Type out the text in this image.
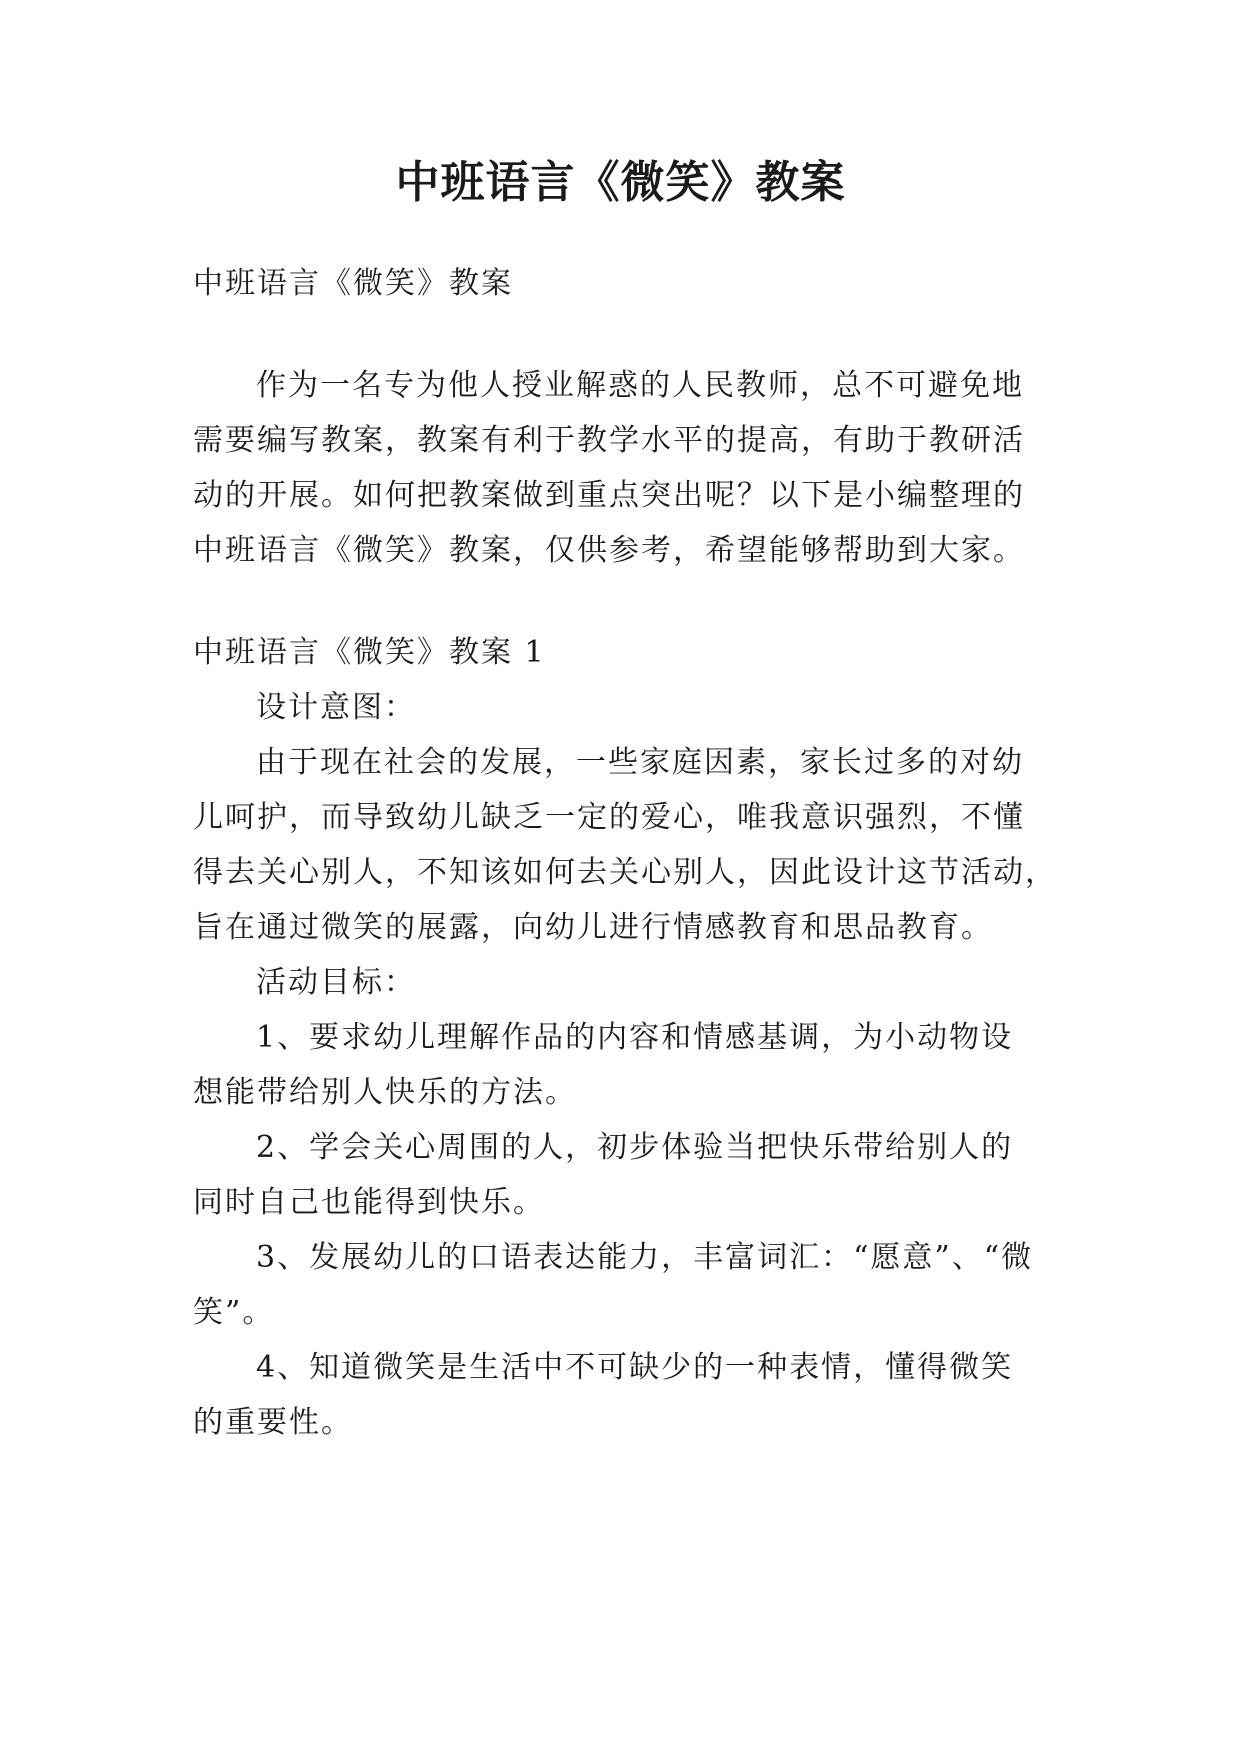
中班语言《微笑》教案
中班语言《微笑》教案
作为一名专为他人授业解惑的人民教师，总不可避免地
需要编写教案，教案有利于教学水平的提高，有助于教研活
动的开展。如何把教案做到重点突出呢？以下是小编整理的
中班语言《微笑》教案，仅供参考，希望能够帮助到大家。
中班语言《微笑》教案 1
设计意图：
由于现在社会的发展，一些家庭因素，家长过多的对幼
儿呵护，而导致幼儿缺乏一定的爱心，唯我意识强烈，不懂
得去关心别人，不知该如何去关心别人，因此设计这节活动，
旨在通过微笑的展露，向幼儿进行情感教育和思品教育。
活动目标：
1、要求幼儿理解作品的内容和情感基调，为小动物设
想能带给别人快乐的方法。
2、学会关心周围的人，初步体验当把快乐带给别人的
同时自己也能得到快乐。
3、发展幼儿的口语表达能力，丰富词汇：“愿意”、“微
笑”。
4、知道微笑是生活中不可缺少的一种表情，懂得微笑
的重要性。
